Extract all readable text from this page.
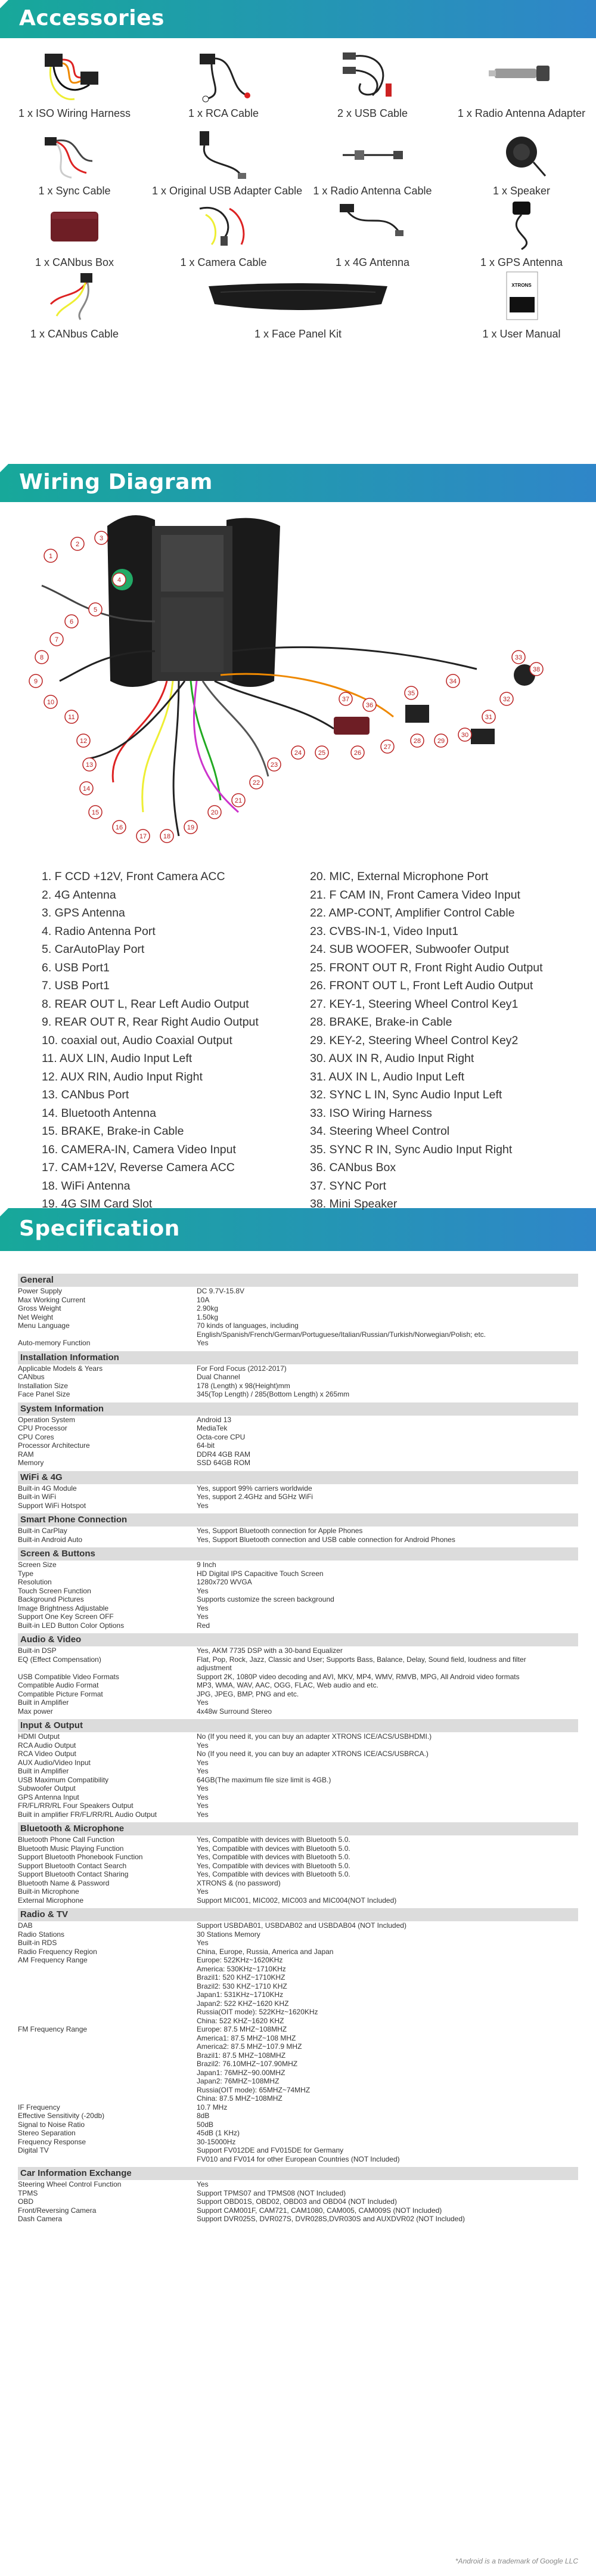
Accessories
Wiring Diagram
Specification
1 x ISO Wiring Harness	1 x RCA Cable	2 x USB Cable	1 x Radio Antenna Adapter
1 x Sync Cable	1 x Original USB Adapter Cable	1 x Radio Antenna Cable	1 x Speaker
1 x CANbus Box	1 x Camera Cable	1 x 4G Antenna	1 x GPS Antenna
1 x CANbus Cable	1 x Face Panel Kit
XTRONS
1 x User Manual
1
2
3
4
5
6
7
8
9
10
11
12
13
14
15
16
17	18
19
20
21
22
23
24	25	26
27
28	29
30
31
32
33
34
35
36
37
38
1. F CCD +12V, Front Camera ACC
2. 4G Antenna
3. GPS Antenna
4. Radio Antenna Port
5. CarAutoPlay Port
6. USB Port1
7. USB Port1
8. REAR OUT L, Rear Left Audio Output
9. REAR OUT R, Rear Right Audio Output
10. coaxial out, Audio Coaxial Output
11. AUX LIN, Audio Input Left
12. AUX RIN, Audio Input Right
13. CANbus Port
14. Bluetooth Antenna
15. BRAKE, Brake-in Cable
16. CAMERA-IN, Camera Video Input
17. CAM+12V, Reverse Camera ACC
18. WiFi Antenna
19. 4G SIM Card Slot
20. MIC, External Microphone Port
21. F CAM IN, Front Camera Video Input
22. AMP-CONT, Amplifier Control Cable
23. CVBS-IN-1, Video Input1
24. SUB WOOFER, Subwoofer Output
25. FRONT OUT R, Front Right Audio Output
26. FRONT OUT L, Front Left Audio Output
27. KEY-1, Steering Wheel Control Key1
28. BRAKE, Brake-in Cable
29. KEY-2, Steering Wheel Control Key2
30. AUX IN R, Audio Input Right
31. AUX IN L, Audio Input Left
32. SYNC L IN, Sync Audio Input Left
33. ISO Wiring Harness
34. Steering Wheel Control
35. SYNC R IN, Sync Audio Input Right
36. CANbus Box
37. SYNC Port
38. Mini Speaker
General
Power Supply	DC 9.7V-15.8V
Max Working Current	10A
Gross Weight	2.90kg
Net Weight	1.50kg
Menu Language	70 kinds of languages, including
English/Spanish/French/German/Portuguese/Italian/Russian/Turkish/Norwegian/Polish; etc.
Auto-memory Function	Yes
Installation Information
Applicable Models & Years	For Ford Focus (2012-2017)
CANbus	Dual Channel
Installation Size	178 (Length) x 98(Height)mm
Face Panel Size	345(Top Length) / 285(Bottom Length) x 265mm
System Information
Operation System	Android 13
CPU Processor	MediaTek
CPU Cores	Octa-core CPU
Processor Architecture	64-bit
RAM	DDR4 4GB RAM
Memory	SSD 64GB ROM
WiFi & 4G
Built-in 4G Module	Yes, support 99% carriers worldwide
Built-in WiFi	Yes, support 2.4GHz and 5GHz WiFi
Support WiFi Hotspot	Yes
Smart Phone Connection
Built-in CarPlay	Yes, Support Bluetooth connection for Apple Phones
Built-in Android Auto	Yes, Support Bluetooth connection and USB cable connection for Android Phones
Screen & Buttons
Screen Size	9 Inch
Type	HD Digital IPS Capacitive Touch Screen
Resolution	1280x720 WVGA
Touch Screen Function	Yes
Background Pictures	Supports customize the screen background
Image Brightness Adjustable	Yes
Support One Key Screen OFF	Yes
Built-in LED Button Color Options	Red
Audio & Video
Built-in DSP	Yes, AKM 7735 DSP with a 30-band Equalizer
EQ (Effect Compensation)	Flat, Pop, Rock, Jazz, Classic and User; Supports Bass, Balance, Delay, Sound field, loudness and filter
adjustment
USB Compatible Video Formats	Support 2K, 1080P video decoding and AVI, MKV, MP4, WMV, RMVB, MPG, All Android video formats
Compatible Audio Format	MP3, WMA, WAV, AAC, OGG, FLAC, Web audio and etc.
Compatible Picture Format	JPG, JPEG, BMP, PNG and etc.
Built in Amplifier	Yes
Max power	4x48w Surround Stereo
Input & Output
HDMI Output	No (If you need it, you can buy an adapter XTRONS ICE/ACS/USBHDMI.)
RCA Audio Output	Yes
RCA Video Output	No (If you need it, you can buy an adapter XTRONS ICE/ACS/USBRCA.)
AUX Audio/Video Input	Yes
Built in Amplifier	Yes
USB Maximum Compatibility	64GB(The maximum file size limit is 4GB.)
Subwoofer Output	Yes
GPS Antenna Input	Yes
FR/FL/RR/RL Four Speakers Output	Yes
Built in amplifier FR/FL/RR/RL Audio Output	Yes
Bluetooth & Microphone
Bluetooth Phone Call Function	Yes, Compatible with devices with Bluetooth 5.0.
Bluetooth Music Playing Function	Yes, Compatible with devices with Bluetooth 5.0.
Support Bluetooth Phonebook Function	Yes, Compatible with devices with Bluetooth 5.0.
Support Bluetooth Contact Search	Yes, Compatible with devices with Bluetooth 5.0.
Support Bluetooth Contact Sharing	Yes, Compatible with devices with Bluetooth 5.0.
Bluetooth Name & Password	XTRONS & (no password)
Built-in Microphone	Yes
External Microphone	Support MIC001, MIC002, MIC003 and MIC004(NOT Included)
Radio & TV
DAB	Support USBDAB01, USBDAB02 and USBDAB04 (NOT Included)
Radio Stations	30 Stations Memory
Built-in RDS	Yes
Radio Frequency Region	China, Europe, Russia, America and Japan
AM Frequency Range	Europe: 522KHz~1620KHz
America: 530KHz~1710KHz
Brazil1: 520 KHZ~1710KHZ
Brazil2: 530 KHZ~1710 KHZ
Japan1: 531KHz~1710KHz
Japan2: 522 KHZ~1620 KHZ
Russia(OIT mode): 522KHz~1620KHz
China: 522 KHZ~1620 KHZ
FM Frequency Range	Europe: 87.5 MHZ~108MHZ
America1: 87.5 MHZ~108 MHZ
America2: 87.5 MHZ~107.9 MHZ
Brazil1: 87.5 MHZ~108MHZ
Brazil2: 76.10MHZ~107.90MHZ
Japan1: 76MHZ~90.00MHZ
Japan2: 76MHZ~108MHZ
Russia(OIT mode): 65MHZ~74MHZ
China: 87.5 MHZ~108MHZ
IF Frequency	10.7 MHz
Effective Sensitivity (-20db)	8dB
Signal to Noise Ratio	50dB
Stereo Separation	45dB (1 KHz)
Frequency Response	30-15000Hz
Digital TV	Support FV012DE and FV015DE for Germany
FV010 and FV014 for other European Countries (NOT Included)
Car Information Exchange
Steering Wheel Control Function	Yes
TPMS	Support TPMS07 and TPMS08 (NOT Included)
OBD	Support OBD01S, OBD02, OBD03 and OBD04 (NOT Included)
Front/Reversing Camera	Support CAM001F, CAM721, CAM1080, CAM005, CAM009S (NOT Included)
Dash Camera	Support DVR025S, DVR027S, DVR028S,DVR030S and AUXDVR02 (NOT Included)
*Android is a trademark of Google LLC
